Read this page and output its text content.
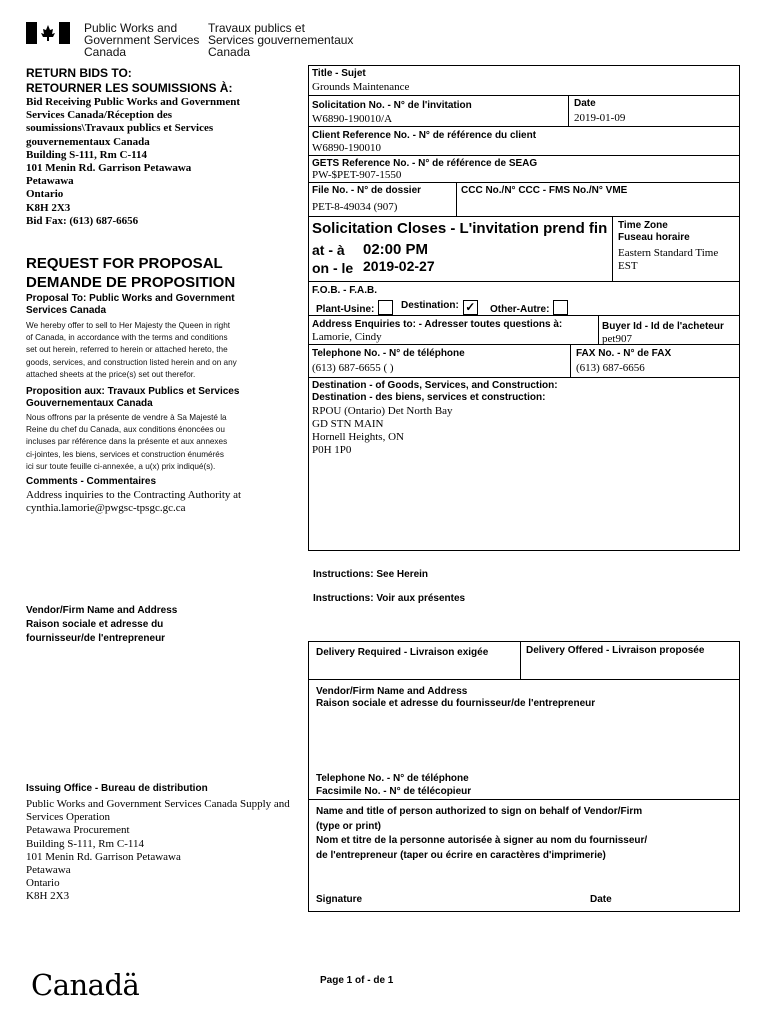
Public Works and
Government Services
Canada
Travaux publics et
Services gouvernementaux
Canada
RETURN BIDS TO:
RETOURNER LES SOUMISSIONS À:
Bid Receiving Public Works and Government
Services Canada/Réception des
soumissions\Travaux publics et Services
gouvernementaux Canada
Building S-111, Rm C-114
101 Menin Rd. Garrison Petawawa
Petawawa
Ontario
K8H 2X3
Bid Fax: (613) 687-6656
REQUEST FOR PROPOSAL
DEMANDE DE PROPOSITION
Proposal To: Public Works and Government
Services Canada
We hereby offer to sell to Her Majesty the Queen in right
of Canada, in accordance with the terms and conditions
set out herein, referred to herein or attached hereto, the
goods, services, and construction listed herein and on any
attached sheets at the price(s) set out therefor.
Proposition aux: Travaux Publics et Services
Gouvernementaux Canada
Nous offrons par la présente de vendre à Sa Majesté la
Reine du chef du Canada, aux conditions énoncées ou
incluses par référence dans la présente et aux annexes
ci-jointes, les biens, services et construction énumérés
ici sur toute feuille ci-annexée, a u(x) prix indiqué(s).
Comments - Commentaires
Address inquiries to the Contracting Authority at
cynthia.lamorie@pwgsc-tpsgc.gc.ca
Vendor/Firm Name and Address
Raison sociale et adresse du
fournisseur/de l'entrepreneur
Issuing Office - Bureau de distribution
Public Works and Government Services Canada Supply and
Services Operation
Petawawa Procurement
Building S-111, Rm C-114
101 Menin Rd. Garrison Petawawa
Petawawa
Ontario
K8H 2X3
Canadä
Title - Sujet
Grounds Maintenance
Solicitation No. - N° de l'invitation
W6890-190010/A
Date
2019-01-09
Client Reference No. - N° de référence du client
W6890-190010
GETS Reference No. - N° de référence de SEAG
PW-$PET-907-1550
File No. - N° de dossier
PET-8-49034 (907)
CCC No./N° CCC - FMS No./N° VME
Solicitation Closes - L'invitation prend fin
at - à 02:00 PM
on - le 2019-02-27
Time Zone
Fuseau horaire
Eastern Standard Time
EST
F.O.B. - F.A.B.
Plant-Usine:	Destination: ✓ Other-Autre:
Address Enquiries to: - Adresser toutes questions à:
Lamorie, Cindy
Buyer Id - Id de l'acheteur
pet907
Telephone No. - N° de téléphone
(613) 687-6655 ( )
FAX No. - N° de FAX
(613) 687-6656
Destination - of Goods, Services, and Construction:
Destination - des biens, services et construction:
RPOU (Ontario) Det North Bay
GD STN MAIN
Hornell Heights, ON
P0H 1P0
Instructions: See Herein
Instructions: Voir aux présentes
Delivery Required - Livraison exigée	Delivery Offered - Livraison proposée
Vendor/Firm Name and Address
Raison sociale et adresse du fournisseur/de l'entrepreneur
Telephone No. - N° de téléphone
Facsimile No. - N° de télécopieur
Name and title of person authorized to sign on behalf of Vendor/Firm
(type or print)
Nom et titre de la personne autorisée à signer au nom du fournisseur/
de l'entrepreneur (taper ou écrire en caractères d'imprimerie)
Signature	Date
Page 1 of - de 1
